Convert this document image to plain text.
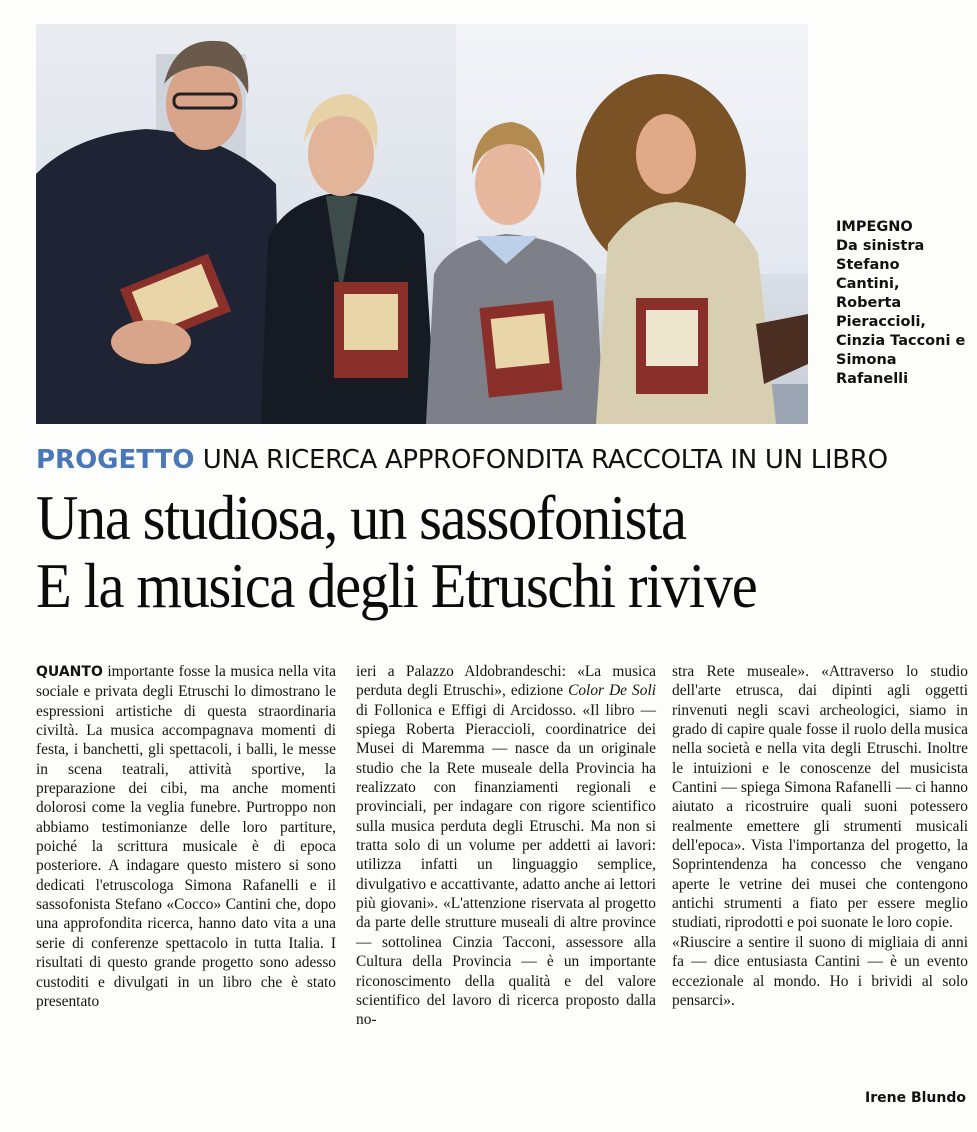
IMPEGNO
Da sinistra Stefano Cantini, Roberta Pieraccioli, Cinzia Tacconi e Simona Rafanelli
PROGETTO UNA RICERCA APPROFONDITA RACCOLTA IN UN LIBRO
Una studiosa, un sassofonista
E la musica degli Etruschi rivive

QUANTO importante fosse la musica nella vita sociale e privata degli Etruschi lo dimostrano le espressioni artistiche di questa straordinaria civiltà. La musica accompagnava momenti di festa, i banchetti, gli spettacoli, i balli, le messe in scena teatrali, attività sportive, la preparazione dei cibi, ma anche momenti dolorosi come la veglia funebre. Purtroppo non abbiamo testimonianze delle loro partiture, poiché la scrittura musicale è di epoca posteriore. A indagare questo mistero si sono dedicati l'etruscologa Simona Rafanelli e il sassofonista Stefano «Cocco» Cantini che, dopo una approfondita ricerca, hanno dato vita a una serie di conferenze spettacolo in tutta Italia. I risultati di questo grande progetto sono adesso custoditi e divulgati in un libro che è stato presentato

ieri a Palazzo Aldobrandeschi: «La musica perduta degli Etruschi», edizione Color De Soli di Follonica e Effigi di Arcidosso. «Il libro — spiega Roberta Pieraccioli, coordinatrice dei Musei di Maremma — nasce da un originale studio che la Rete museale della Provincia ha realizzato con finanziamenti regionali e provinciali, per indagare con rigore scientifico sulla musica perduta degli Etruschi. Ma non si tratta solo di un volume per addetti ai lavori: utilizza infatti un linguaggio semplice, divulgativo e accattivante, adatto anche ai lettori più giovani». «L'attenzione riservata al progetto da parte delle strutture museali di altre province — sottolinea Cinzia Tacconi, assessore alla Cultura della Provincia — è un importante riconoscimento della qualità e del valore scientifico del lavoro di ricerca proposto dalla no-

stra Rete museale». «Attraverso lo studio dell'arte etrusca, dai dipinti agli oggetti rinvenuti negli scavi archeologici, siamo in grado di capire quale fosse il ruolo della musica nella società e nella vita degli Etruschi. Inoltre le intuizioni e le conoscenze del musicista Cantini — spiega Simona Rafanelli — ci hanno aiutato a ricostruire quali suoni potessero realmente emettere gli strumenti musicali dell'epoca». Vista l'importanza del progetto, la Soprintendenza ha concesso che vengano aperte le vetrine dei musei che contengono antichi strumenti a fiato per essere meglio studiati, riprodotti e poi suonate le loro copie.

«Riuscire a sentire il suono di migliaia di anni fa — dice entusiasta Cantini — è un evento eccezionale al mondo. Ho i brividi al solo pensarci».

Irene Blundo
